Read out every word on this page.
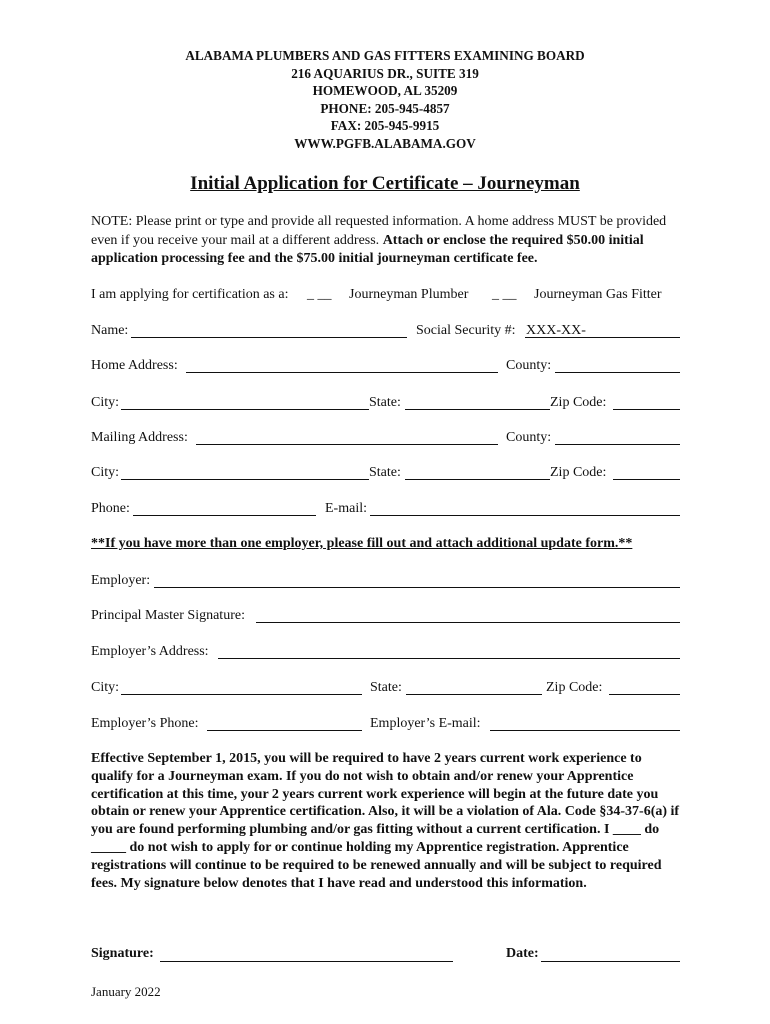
ALABAMA PLUMBERS AND GAS FITTERS EXAMINING BOARD
216 AQUARIUS DR., SUITE 319
HOMEWOOD, AL 35209
PHONE: 205-945-4857
FAX: 205-945-9915
WWW.PGFB.ALABAMA.GOV
Initial Application for Certificate – Journeyman
NOTE: Please print or type and provide all requested information. A home address MUST be provided even if you receive your mail at a different address. Attach or enclose the required $50.00 initial application processing fee and the $75.00 initial journeyman certificate fee.
I am applying for certification as a: _ __ Journeyman Plumber _ __ Journeyman Gas Fitter
Name:	Social Security #: XXX-XX-
Home Address:	County:
City:	State:	Zip Code:
Mailing Address:	County:
City:	State:	Zip Code:
Phone:	E-mail:
**If you have more than one employer, please fill out and attach additional update form.**
Employer:
Principal Master Signature:
Employer’s Address:
City:	State:	Zip Code:
Employer’s Phone:	Employer’s E-mail:
Effective September 1, 2015, you will be required to have 2 years current work experience to qualify for a Journeyman exam. If you do not wish to obtain and/or renew your Apprentice certification at this time, your 2 years current work experience will begin at the future date you obtain or renew your Apprentice certification. Also, it will be a violation of Ala. Code §34-37-6(a) if you are found performing plumbing and/or gas fitting without a current certification. I ____ do _____ do not wish to apply for or continue holding my Apprentice registration. Apprentice registrations will continue to be required to be renewed annually and will be subject to required fees. My signature below denotes that I have read and understood this information.
Signature:	Date:
January 2022
